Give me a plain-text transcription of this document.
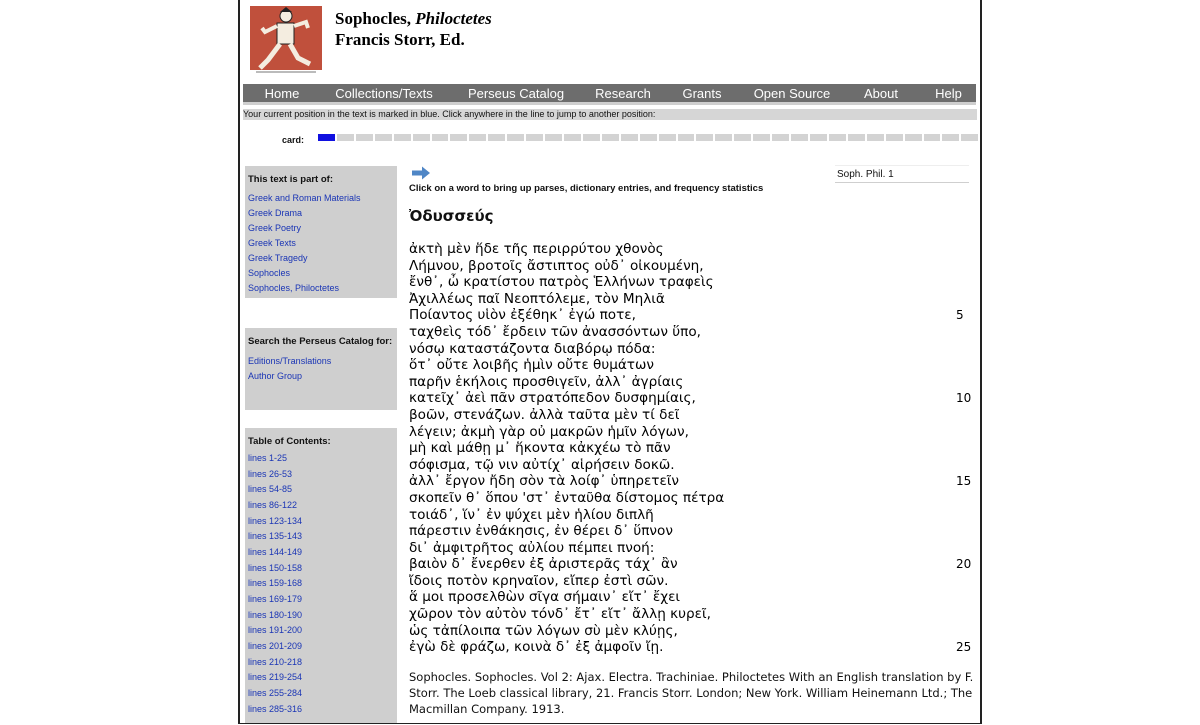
Sophocles, Philoctetes
Francis Storr, Ed.
Home	Collections/Texts	Perseus Catalog	Research	Grants	Open Source	About	Help
Your current position in the text is marked in blue. Click anywhere in the line to jump to another position:
card:
This text is part of:
Greek and Roman Materials
Greek Drama
Greek Poetry
Greek Texts
Greek Tragedy
Sophocles
Sophocles, Philoctetes
Search the Perseus Catalog for:
Editions/Translations
Author Group
Table of Contents:
lines 1-25
lines 26-53
lines 54-85
lines 86-122
lines 123-134
lines 135-143
lines 144-149
lines 150-158
lines 159-168
lines 169-179
lines 180-190
lines 191-200
lines 201-209
lines 210-218
lines 219-254
lines 255-284
lines 285-316
Click on a word to bring up parses, dictionary entries, and frequency statistics
Soph. Phil. 1
Ὀδυσσεύς
ἀκτὴ μὲν ἥδε τῆς περιρρύτου χθονὸς
Λήμνου, βροτοῖς ἄστιπτος οὐδ᾽ οἰκουμένη,
ἔνθ᾽, ὦ κρατίστου πατρὸς Ἑλλήνων τραφεὶς
Ἀχιλλέως παῖ Νεοπτόλεμε, τὸν Μηλιᾶ
Ποίαντος υἱὸν ἐξέθηκ᾽ ἐγώ ποτε,	5
ταχθεὶς τόδ᾽ ἔρδειν τῶν ἀνασσόντων ὕπο,
νόσῳ καταστάζοντα διαβόρῳ πόδα:
ὅτ᾽ οὔτε λοιβῆς ἡμὶν οὔτε θυμάτων
παρῆν ἑκήλοις προσθιγεῖν, ἀλλ᾽ ἀγρίαις
κατεῖχ᾽ ἀεὶ πᾶν στρατόπεδον δυσφημίαις,	10
βοῶν, στενάζων. ἀλλὰ ταῦτα μὲν τί δεῖ
λέγειν; ἀκμὴ γὰρ οὐ μακρῶν ἡμῖν λόγων,
μὴ καὶ μάθῃ μ᾽ ἥκοντα κἀκχέω τὸ πᾶν
σόφισμα, τῷ νιν αὐτίχ᾽ αἱρήσειν δοκῶ.
ἀλλ᾽ ἔργον ἤδη σὸν τὰ λοίφ᾽ ὑπηρετεῖν	15
σκοπεῖν θ᾽ ὅπου 'στ᾽ ἐνταῦθα δίστομος πέτρα
τοιάδ᾽, ἵν᾽ ἐν ψύχει μὲν ἡλίου διπλῆ
πάρεστιν ἐνθάκησις, ἐν θέρει δ᾽ ὕπνον
δι᾽ ἀμφιτρῆτος αὐλίου πέμπει πνοή:
βαιὸν δ᾽ ἔνερθεν ἐξ ἀριστερᾶς τάχ᾽ ἂν	20
ἴδοις ποτὸν κρηναῖον, εἴπερ ἐστὶ σῶν.
ἅ μοι προσελθὼν σῖγα σήμαιν᾽ εἴτ᾽ ἔχει
χῶρον τὸν αὐτὸν τόνδ᾽ ἔτ᾽ εἴτ᾽ ἄλλῃ κυρεῖ,
ὡς τἀπίλοιπα τῶν λόγων σὺ μὲν κλύῃς,
ἐγὼ δὲ φράζω, κοινὰ δ᾽ ἐξ ἀμφοῖν ἴῃ.	25
Sophocles. Sophocles. Vol 2: Ajax. Electra. Trachiniae. Philoctetes With an English translation by F. Storr. The Loeb classical library, 21. Francis Storr. London; New York. William Heinemann Ltd.; The Macmillan Company. 1913.
